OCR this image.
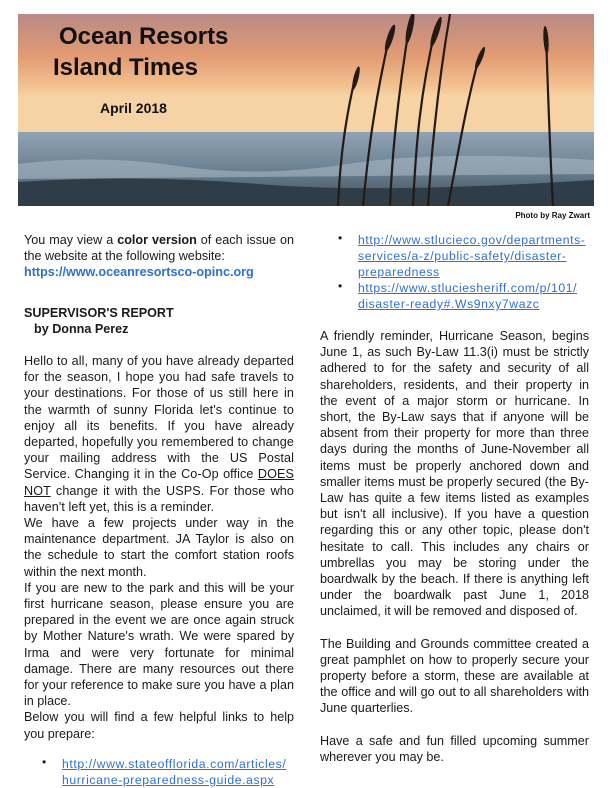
Ocean Resorts
Island Times
April 2018
Photo by Ray Zwart

You may view a color version of each issue on the website at the following website:
https://www.oceanresortsco-opinc.org

SUPERVISOR'S REPORT
by Donna Perez

Hello to all, many of you have already departed for the season, I hope you had safe travels to your destinations. For those of us still here in the warmth of sunny Florida let's continue to enjoy all its benefits. If you have already departed, hopefully you remembered to change your mailing address with the US Postal Service. Changing it in the Co-Op office DOES NOT change it with the USPS. For those who haven't left yet, this is a reminder.

We have a few projects under way in the maintenance department. JA Taylor is also on the schedule to start the comfort station roofs within the next month.

If you are new to the park and this will be your first hurricane season, please ensure you are prepared in the event we are once again struck by Mother Nature's wrath. We were spared by Irma and were very fortunate for minimal damage. There are many resources out there for your reference to make sure you have a plan in place.

Below you will find a few helpful links to help you prepare:

• http://www.stateofflorida.com/articles/
hurricane-preparedness-guide.aspx
• http://www.stlucieco.gov/departments-
services/a-z/public-safety/disaster-
preparedness
• https://www.stluciesheriff.com/p/101/
disaster-ready#.Ws9nxy7wazc

A friendly reminder, Hurricane Season, begins June 1, as such By-Law 11.3(i) must be strictly adhered to for the safety and security of all shareholders, residents, and their property in the event of a major storm or hurricane. In short, the By-Law says that if anyone will be absent from their property for more than three days during the months of June-November all items must be properly anchored down and smaller items must be properly secured (the By-Law has quite a few items listed as examples but isn't all inclusive). If you have a question regarding this or any other topic, please don't hesitate to call. This includes any chairs or umbrellas you may be storing under the boardwalk by the beach. If there is anything left under the boardwalk past June 1, 2018 unclaimed, it will be removed and disposed of.

The Building and Grounds committee created a great pamphlet on how to properly secure your property before a storm, these are available at the office and will go out to all shareholders with June quarterlies.

Have a safe and fun filled upcoming summer wherever you may be.
